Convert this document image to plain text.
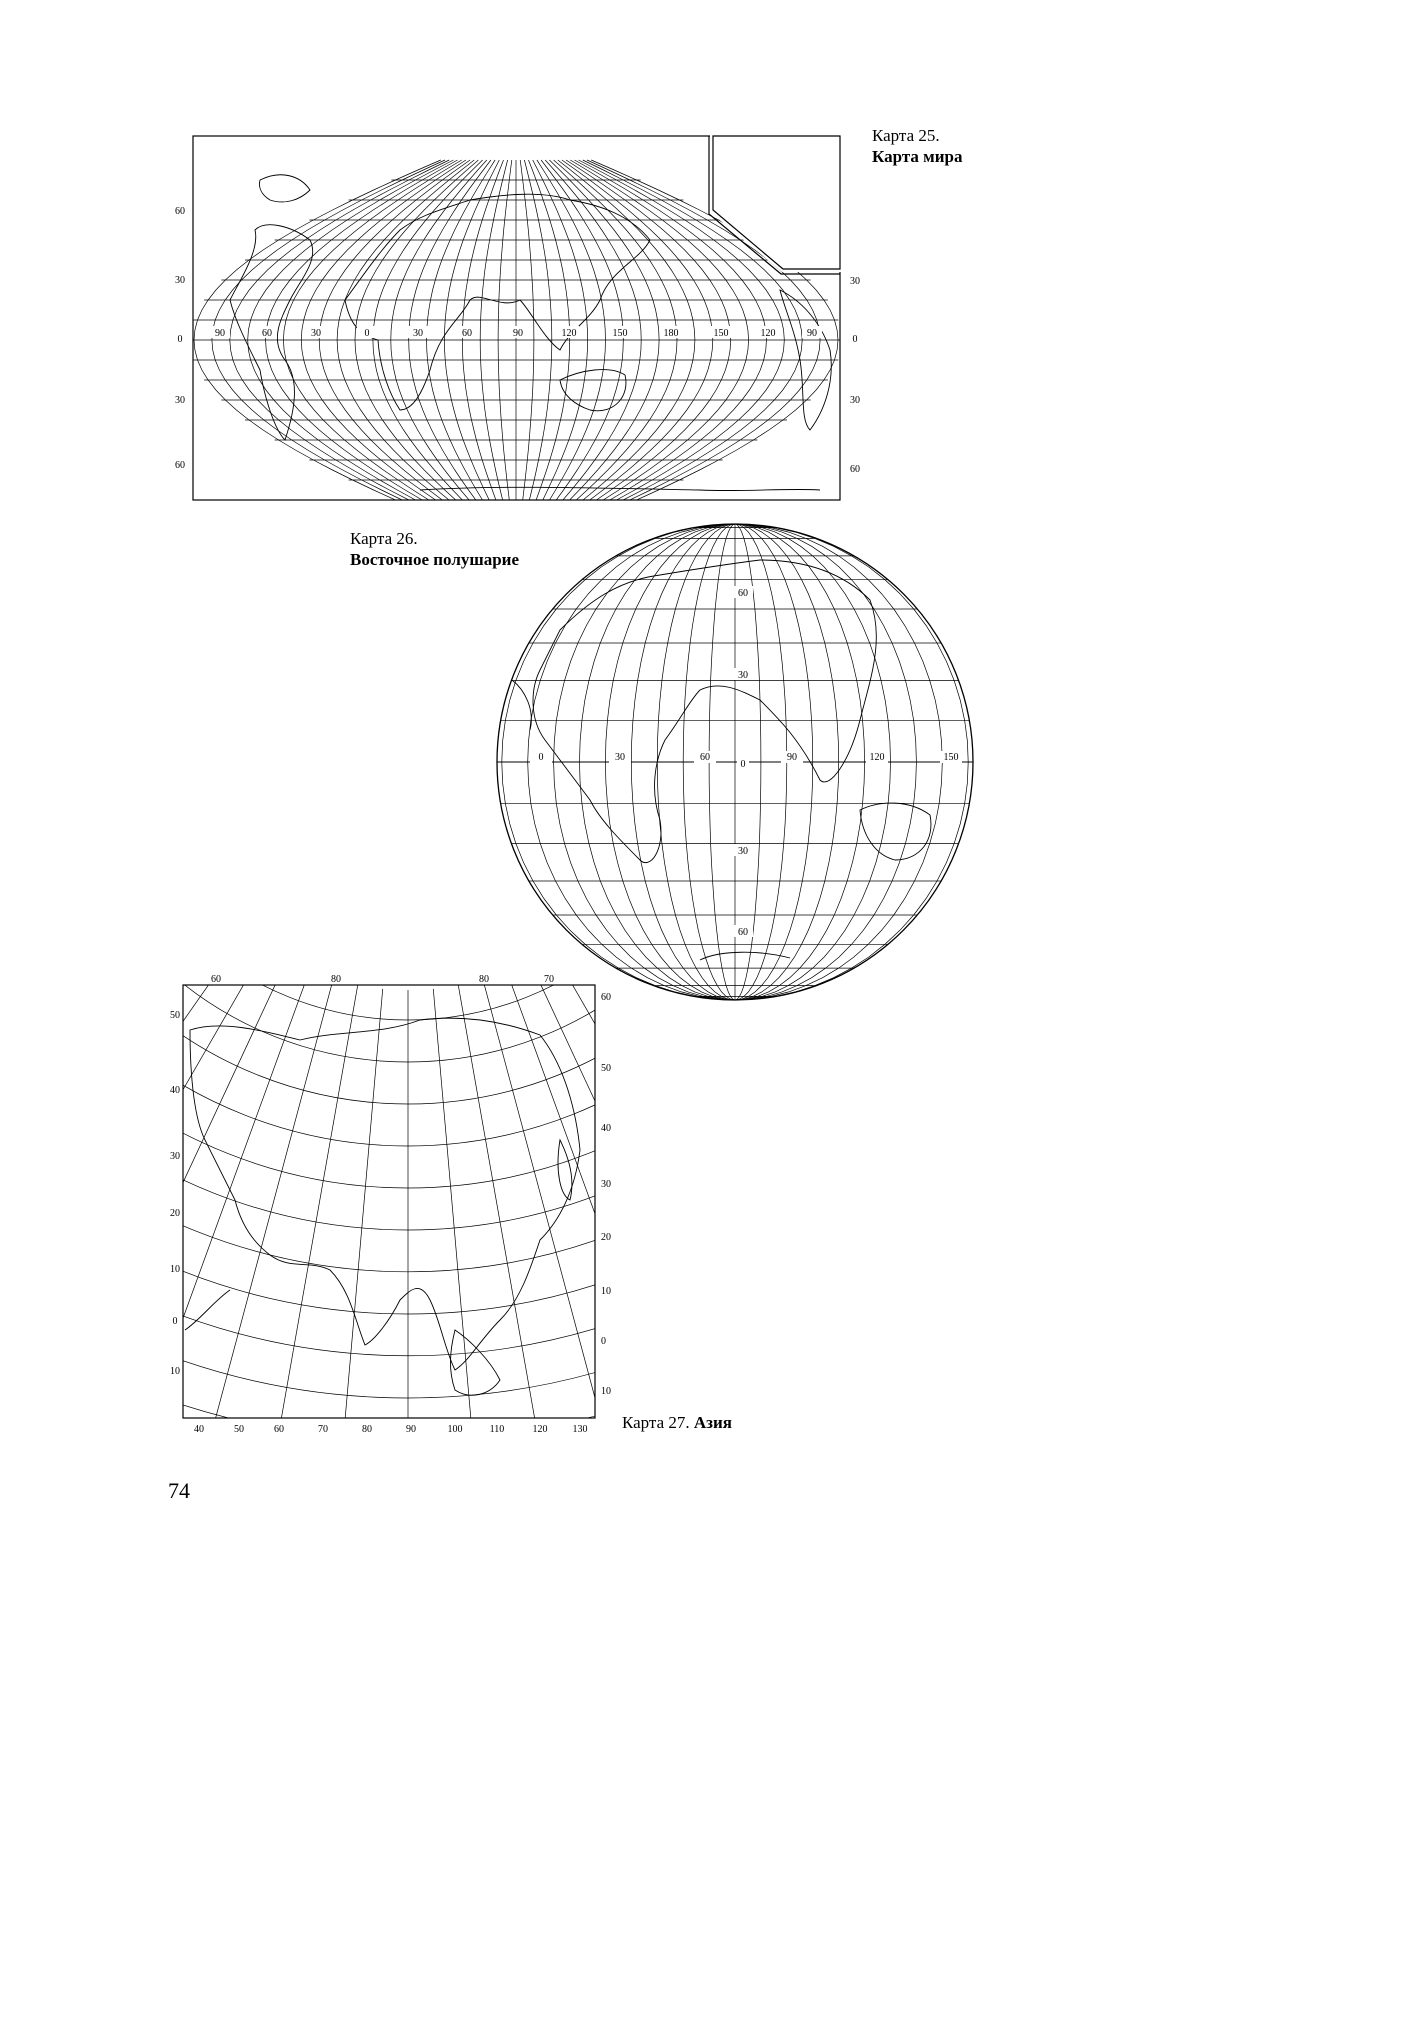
90	60	30	0	30	60	90	120	150	180	150	120	90
60
30
0
30
60
30
0
30
60
0	30	60	90	120	150
60
30
0
30
60
60	80	80	70
50
40
30
20
10
0
10
60
50
40
30
20
10
0
10
40	50	60	70	80	90	100	110	120	130
Карта 25.
Карта мира
Карта 26.
Восточное полушарие
Карта 27. Азия
74
